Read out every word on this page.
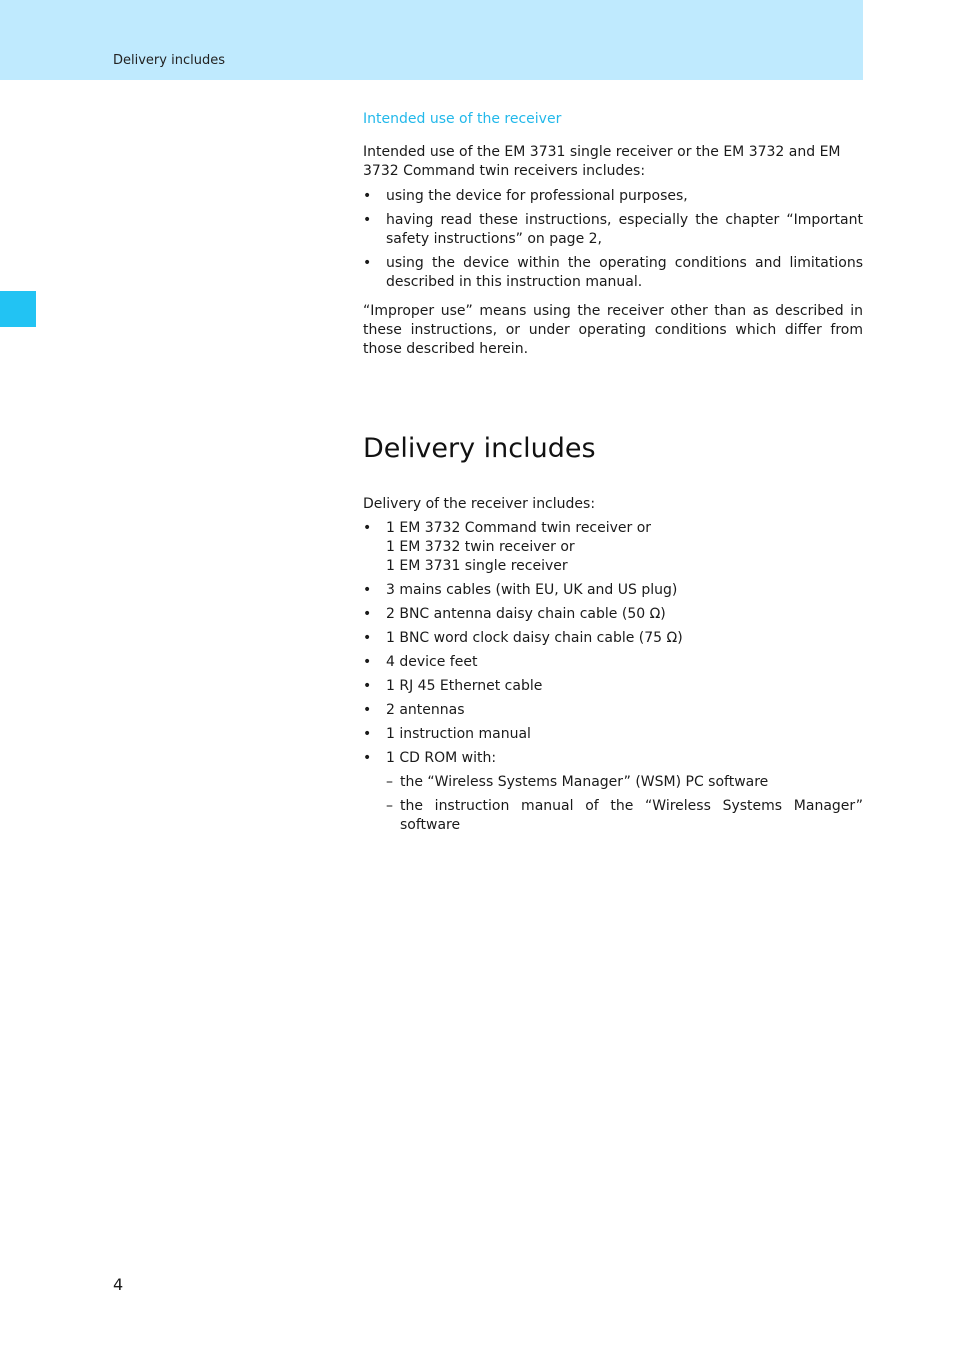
Delivery includes
Intended use of the receiver

Intended use of the EM 3731 single receiver or the EM 3732 and EM 3732 Command twin receivers includes:

• using the device for professional purposes,
• having read these instructions, especially the chapter “Important safety instructions” on page 2,
• using the device within the operating conditions and limitations described in this instruction manual.

“Improper use” means using the receiver other than as described in these instructions, or under operating conditions which differ from those described herein.

Delivery includes

Delivery of the receiver includes:

• 1 EM 3732 Command twin receiver or
1 EM 3732 twin receiver or
1 EM 3731 single receiver
• 3 mains cables (with EU, UK and US plug)
• 2 BNC antenna daisy chain cable (50 Ω)
• 1 BNC word clock daisy chain cable (75 Ω)
• 4 device feet
• 1 RJ 45 Ethernet cable
• 2 antennas
• 1 instruction manual
• 1 CD ROM with:
– the “Wireless Systems Manager” (WSM) PC software
– the instruction manual of the “Wireless Systems Manager” software
4
